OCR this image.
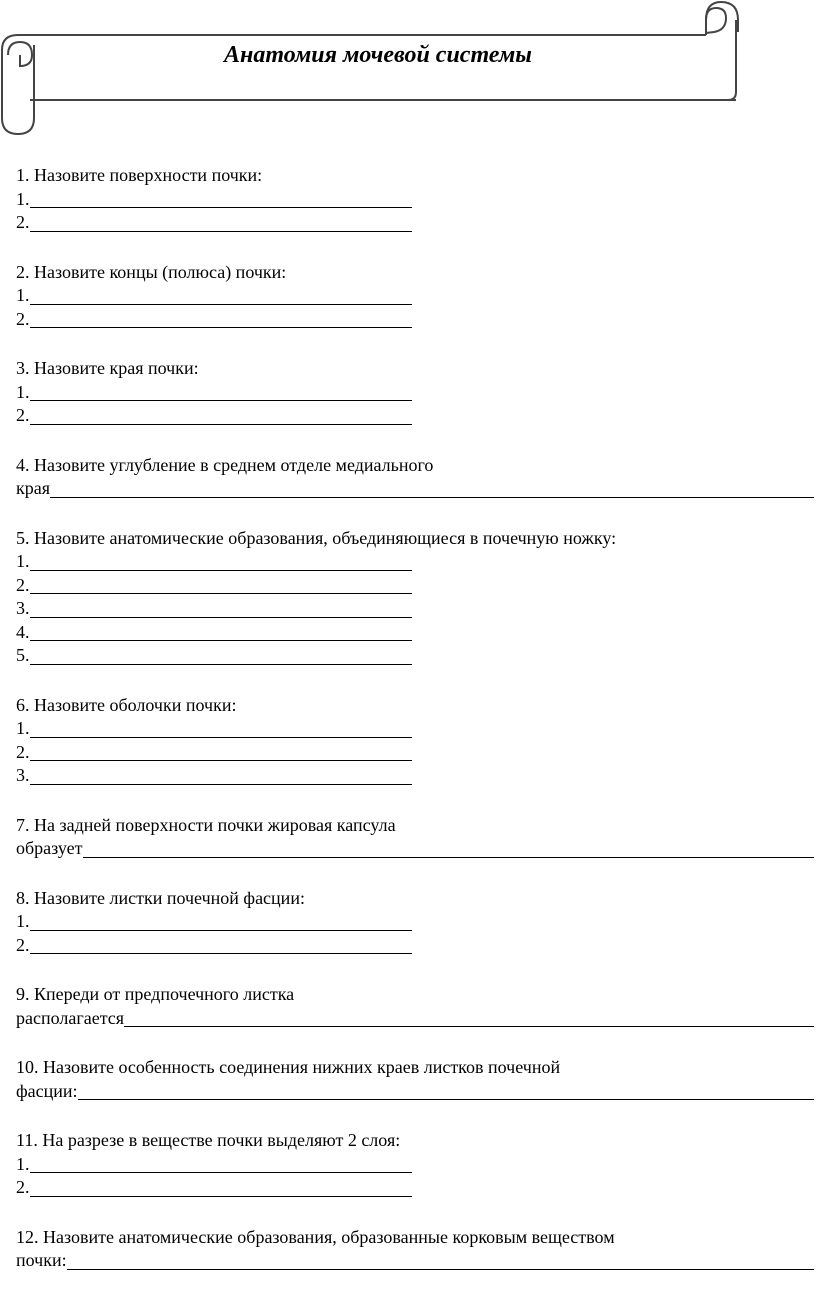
Анатомия мочевой системы
1. Назовите поверхности почки:
1.
2.
2. Назовите концы (полюса) почки:
1.
2.
3. Назовите края почки:
1.
2.
4. Назовите углубление в среднем отделе медиального
края
5. Назовите анатомические образования, объединяющиеся в почечную ножку:
1.
2.
3.
4.
5.
6. Назовите оболочки почки:
1.
2.
3.
7. На задней поверхности почки жировая капсула
образует
8. Назовите листки почечной фасции:
1.
2.
9. Кпереди от предпочечного листка
располагается
10. Назовите особенность соединения нижних краев листков почечной
фасции:
11. На разрезе в веществе почки выделяют 2 слоя:
1.
2.
12. Назовите анатомические образования, образованные корковым веществом
почки:
